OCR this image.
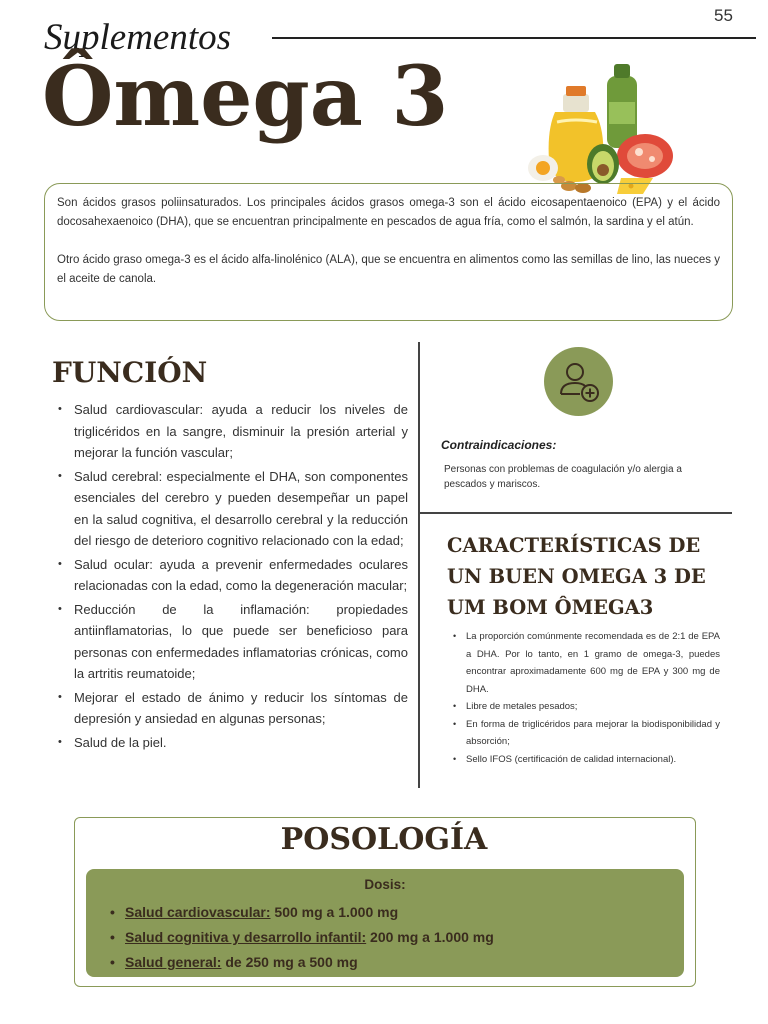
55
Suplementos
Ômega 3

Son ácidos grasos poliinsaturados. Los principales ácidos grasos omega-3 son el ácido eicosapentaenoico (EPA) y el ácido docosahexaenoico (DHA), que se encuentran principalmente en pescados de agua fría, como el salmón, la sardina y el atún.

Otro ácido graso omega-3 es el ácido alfa-linolénico (ALA), que se encuentra en alimentos como las semillas de lino, las nueces y el aceite de canola.

FUNCIÓN
• Salud cardiovascular: ayuda a reducir los niveles de triglicéridos en la sangre, disminuir la presión arterial y mejorar la función vascular;
• Salud cerebral: especialmente el DHA, son componentes esenciales del cerebro y pueden desempeñar un papel en la salud cognitiva, el desarrollo cerebral y la reducción del riesgo de deterioro cognitivo relacionado con la edad;
• Salud ocular: ayuda a prevenir enfermedades oculares relacionadas con la edad, como la degeneración macular;
• Reducción de la inflamación: propiedades antiinflamatorias, lo que puede ser beneficioso para personas con enfermedades inflamatorias crónicas, como la artritis reumatoide;
• Mejorar el estado de ánimo y reducir los síntomas de depresión y ansiedad en algunas personas;
• Salud de la piel.
Contraindicaciones:
Personas con problemas de coagulación y/o alergia a pescados y mariscos.
CARACTERÍSTICAS DE
UN BUEN OMEGA 3 DE
UM BOM ÔMEGA3
• La proporción comúnmente recomendada es de 2:1 de EPA a DHA. Por lo tanto, en 1 gramo de omega-3, puedes encontrar aproximadamente 600 mg de EPA y 300 mg de DHA.
• Libre de metales pesados;
• En forma de triglicéridos para mejorar la biodisponibilidad y absorción;
• Sello IFOS (certificación de calidad internacional).
POSOLOGÍA
Dosis:
• Salud cardiovascular: 500 mg a 1.000 mg
• Salud cognitiva y desarrollo infantil: 200 mg a 1.000 mg
• Salud general: de 250 mg a 500 mg
